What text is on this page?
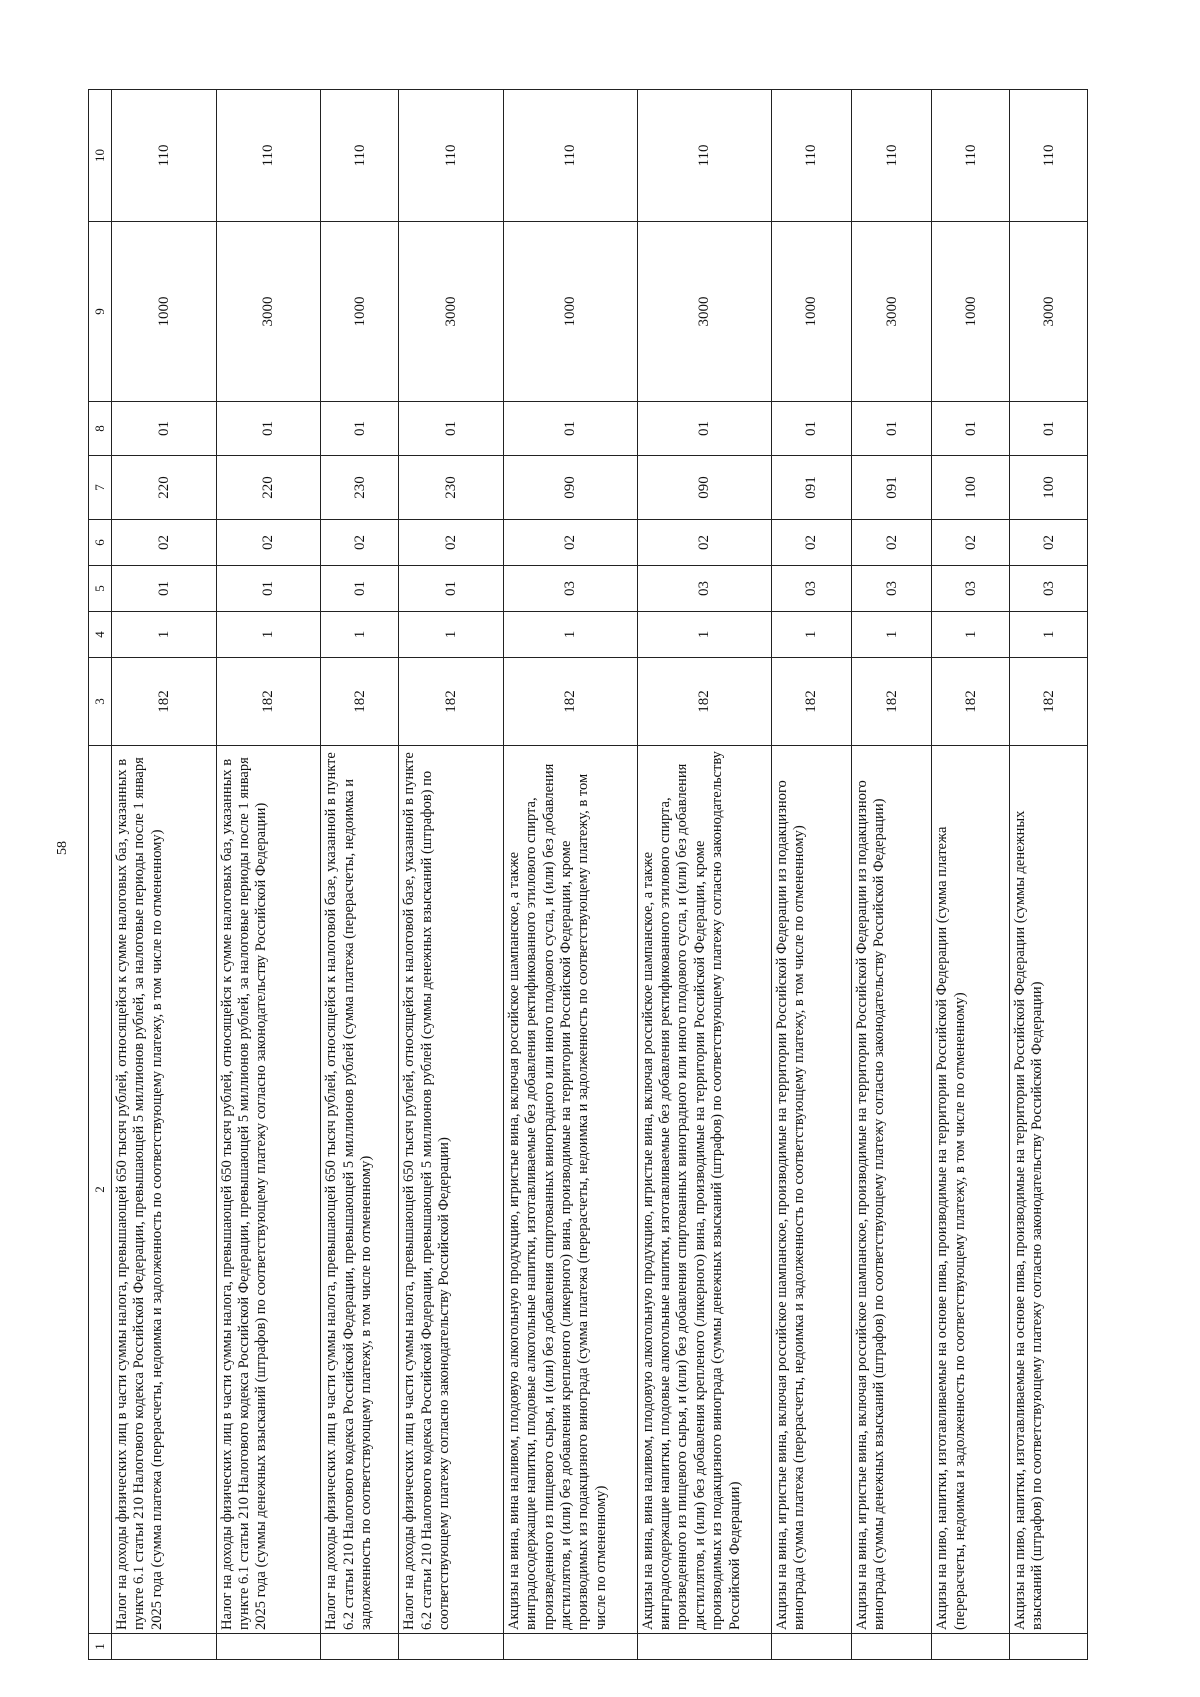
58
1	2	3	4	5	6	7	8	9	10
	Налог на доходы физических лиц в части суммы налога, превышающей 650 тысяч рублей, относящейся к сумме налоговых баз, указанных в пункте 6.1 статьи 210 Налогового кодекса Российской Федерации, превышающей 5 миллионов рублей, за налоговые периоды после 1 января 2025 года (сумма платежа (перерасчеты, недоимка и задолженность по соответствующему платежу, в том числе по отмененному)	182	1	01	02	220	01	1000	110
	Налог на доходы физических лиц в части суммы налога, превышающей 650 тысяч рублей, относящейся к сумме налоговых баз, указанных в пункте 6.1 статьи 210 Налогового кодекса Российской Федерации, превышающей 5 миллионов рублей, за налоговые периоды после 1 января 2025 года (суммы денежных взысканий (штрафов) по соответствующему платежу согласно законодательству Российской Федерации)	182	1	01	02	220	01	3000	110
	Налог на доходы физических лиц в части суммы налога, превышающей 650 тысяч рублей, относящейся к налоговой базе, указанной в пункте 6.2 статьи 210 Налогового кодекса Российской Федерации, превышающей 5 миллионов рублей (сумма платежа (перерасчеты, недоимка и задолженность по соответствующему платежу, в том числе по отмененному)	182	1	01	02	230	01	1000	110
	Налог на доходы физических лиц в части суммы налога, превышающей 650 тысяч рублей, относящейся к налоговой базе, указанной в пункте 6.2 статьи 210 Налогового кодекса Российской Федерации, превышающей 5 миллионов рублей (суммы денежных взысканий (штрафов) по соответствующему платежу согласно законодательству Российской Федерации)	182	1	01	02	230	01	3000	110
	Акцизы на вина, вина наливом, плодовую алкогольную продукцию, игристые вина, включая российское шампанское, а также винградосодержащие напитки, плодовые алкогольные напитки, изготавливаемые без добавления ректификованного этилового спирта, произведенного из пищевого сырья, и (или) без добавления спиртованных виноградного или иного плодового сусла, и (или) без добавления дистиллятов, и (или) без добавления крепленого (ликерного) вина, производимые на территории Российской Федерации, кроме производимых из подакцизного винограда (сумма платежа (перерасчеты, недоимка и задолженность по соответствующему платежу, в том числе по отмененному)	182	1	03	02	090	01	1000	110
	Акцизы на вина, вина наливом, плодовую алкогольную продукцию, игристые вина, включая российское шампанское, а также винградосодержащие напитки, плодовые алкогольные напитки, изготавливаемые без добавления ректификованного этилового спирта, произведенного из пищевого сырья, и (или) без добавления спиртованных виноградного или иного плодового сусла, и (или) без добавления дистиллятов, и (или) без добавления крепленого (ликерного) вина, производимые на территории Российской Федерации, кроме производимых из подакцизного винограда (суммы денежных взысканий (штрафов) по соответствующему платежу согласно законодательству Российской Федерации)	182	1	03	02	090	01	3000	110
	Акцизы на вина, игристые вина, включая российское шампанское, производимые на территории Российской Федерации из подакцизного винограда (сумма платежа (перерасчеты, недоимка и задолженность по соответствующему платежу, в том числе по отмененному)	182	1	03	02	091	01	1000	110
	Акцизы на вина, игристые вина, включая российское шампанское, производимые на территории Российской Федерации из подакцизного винограда (суммы денежных взысканий (штрафов) по соответствующему платежу согласно законодательству Российской Федерации)	182	1	03	02	091	01	3000	110
	Акцизы на пиво, напитки, изготавливаемые на основе пива, производимые на территории Российской Федерации (сумма платежа (перерасчеты, недоимка и задолженность по соответствующему платежу, в том числе по отмененному)	182	1	03	02	100	01	1000	110
	Акцизы на пиво, напитки, изготавливаемые на основе пива, производимые на территории Российской Федерации (суммы денежных взысканий (штрафов) по соответствующему платежу согласно законодательству Российской Федерации)	182	1	03	02	100	01	3000	110
